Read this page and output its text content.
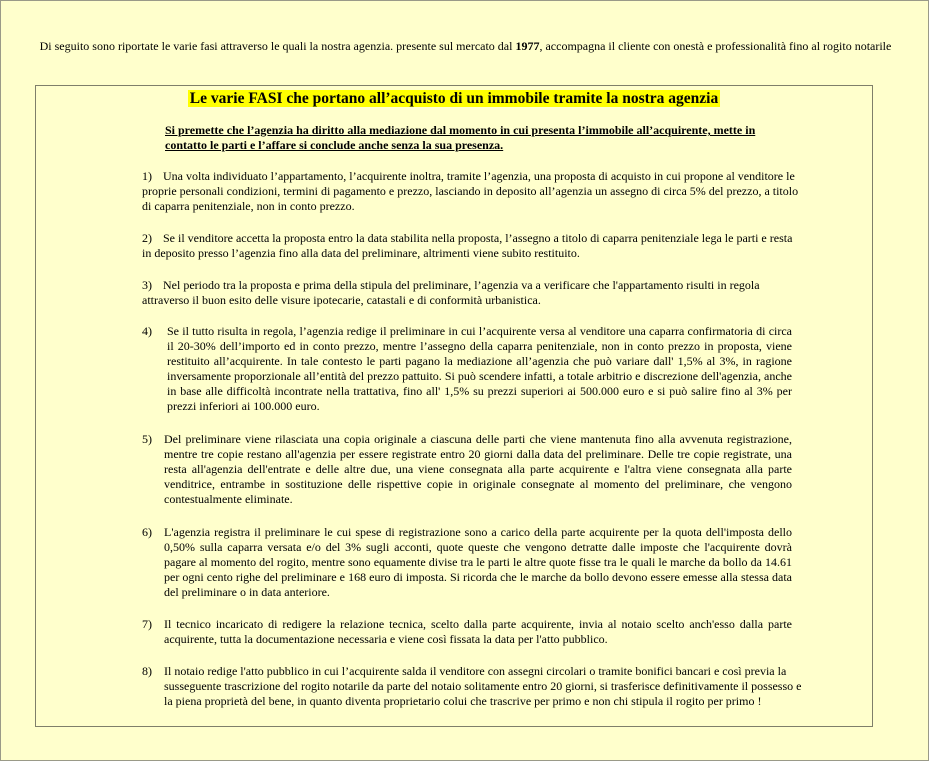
Di seguito sono riportate le varie fasi attraverso le quali la nostra agenzia. presente sul mercato dal 1977, accompagna il cliente con onestà e professionalità fino al rogito notarile
Le varie FASI che portano all’acquisto di un immobile tramite la nostra agenzia
Si premette che l’agenzia ha diritto alla mediazione dal momento in cui presenta l’immobile all’acquirente, mette in contatto le parti e l’affare si conclude anche senza la sua presenza.
1) Una volta individuato l’appartamento, l’acquirente inoltra, tramite l’agenzia, una proposta di acquisto in cui propone al venditore le proprie personali condizioni, termini di pagamento e prezzo, lasciando in deposito all’agenzia un assegno di circa 5% del prezzo, a titolo di caparra penitenziale, non in conto prezzo.

2) Se il venditore accetta la proposta entro la data stabilita nella proposta, l’assegno a titolo di caparra penitenziale lega le parti e resta in deposito presso l’agenzia fino alla data del preliminare, altrimenti viene subito restituito.

3) Nel periodo tra la proposta e prima della stipula del preliminare, l’agenzia va a verificare che l'appartamento risulti in regola attraverso il buon esito delle visure ipotecarie, catastali e di conformità urbanistica.

4)	Se il tutto risulta in regola, l’agenzia redige il preliminare in cui l’acquirente versa al venditore una caparra confirmatoria di circa il 20-30% dell’importo ed in conto prezzo, mentre l’assegno della caparra penitenziale, non in conto prezzo in proposta, viene restituito all’acquirente. In tale contesto le parti pagano la mediazione all’agenzia che può variare dall' 1,5% al 3%, in ragione inversamente proporzionale all’entità del prezzo pattuito. Si può scendere infatti, a totale arbitrio e discrezione dell'agenzia, anche in base alle difficoltà incontrate nella trattativa, fino all' 1,5% su prezzi superiori ai 500.000 euro e si può salire fino al 3% per prezzi inferiori ai 100.000 euro.

5)	Del preliminare viene rilasciata una copia originale a ciascuna delle parti che viene mantenuta fino alla avvenuta registrazione, mentre tre copie restano all'agenzia per essere registrate entro 20 giorni dalla data del preliminare. Delle tre copie registrate, una resta all'agenzia dell'entrate e delle altre due, una viene consegnata alla parte acquirente e l'altra viene consegnata alla parte venditrice, entrambe in sostituzione delle rispettive copie in originale consegnate al momento del preliminare, che vengono contestualmente eliminate.

6)	L'agenzia registra il preliminare le cui spese di registrazione sono a carico della parte acquirente per la quota dell'imposta dello 0,50% sulla caparra versata e/o del 3% sugli acconti, quote queste che vengono detratte dalle imposte che l'acquirente dovrà pagare al momento del rogito, mentre sono equamente divise tra le parti le altre quote fisse tra le quali le marche da bollo da 14.61 per ogni cento righe del preliminare e 168 euro di imposta. Si ricorda che le marche da bollo devono essere emesse alla stessa data del preliminare o in data anteriore.

7)	Il tecnico incaricato di redigere la relazione tecnica, scelto dalla parte acquirente, invia al notaio scelto anch'esso dalla parte acquirente, tutta la documentazione necessaria e viene così fissata la data per l'atto pubblico.

8)	Il notaio redige l'atto pubblico in cui l’acquirente salda il venditore con assegni circolari o tramite bonifici bancari e così previa la susseguente trascrizione del rogito notarile da parte del notaio solitamente entro 20 giorni, si trasferisce definitivamente il possesso e la piena proprietà del bene, in quanto diventa proprietario colui che trascrive per primo e non chi stipula il rogito per primo !
